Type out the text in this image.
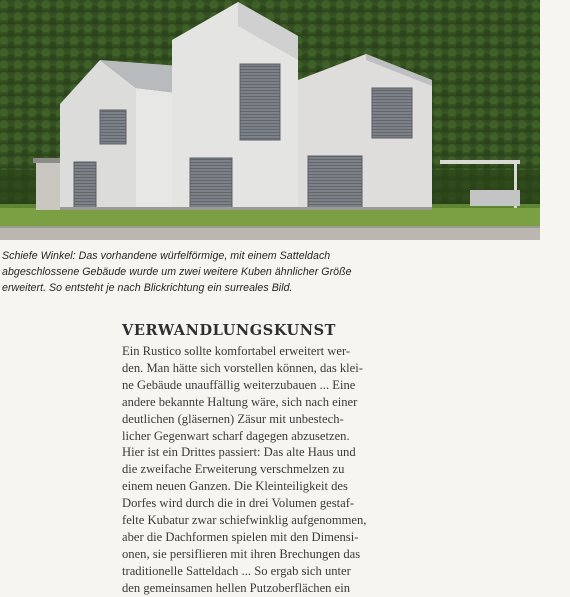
Schiefe Winkel: Das vorhandene würfelförmige, mit einem Satteldach
abgeschlossene Gebäude wurde um zwei weitere Kuben ähnlicher Größe
erweitert. So entsteht je nach Blickrichtung ein surreales Bild.
VERWANDLUNGSKUNST
Ein Rustico sollte komfortabel erweitert wer-
den. Man hätte sich vorstellen können, das klei-
ne Gebäude unauffällig weiterzubauen ... Eine
andere bekannte Haltung wäre, sich nach einer
deutlichen (gläsernen) Zäsur mit unbestech-
licher Gegenwart scharf dagegen abzusetzen.
Hier ist ein Drittes passiert: Das alte Haus und
die zweifache Erweiterung verschmelzen zu
einem neuen Ganzen. Die Kleinteiligkeit des
Dorfes wird durch die in drei Volumen gestaf-
felte Kubatur zwar schiefwinklig aufgenommen,
aber die Dachformen spielen mit den Dimensi-
onen, sie persiflieren mit ihren Brechungen das
traditionelle Satteldach ... So ergab sich unter
den gemeinsamen hellen Putzoberflächen ein
